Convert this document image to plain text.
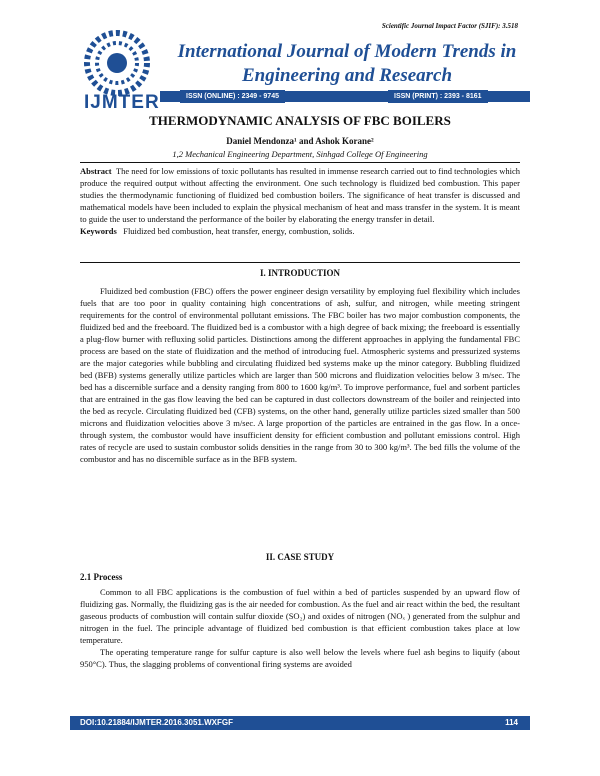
Scientific Journal Impact Factor (SJIF): 3.518
IJMTER
International Journal of Modern Trends in Engineering and Research
ISSN (ONLINE) : 2349 - 9745	ISSN (PRINT) : 2393 - 8161
THERMODYNAMIC ANALYSIS OF FBC BOILERS
Daniel Mendonza¹ and Ashok Korane²
1,2 Mechanical Engineering Department, Sinhgad College Of Engineering

Abstract The need for low emissions of toxic pollutants has resulted in immense research carried out to find technologies which produce the required output without affecting the environment. One such technology is fluidized bed combustion. This paper studies the thermodynamic functioning of fluidized bed combustion boilers. The significance of heat transfer is discussed and mathematical models have been included to explain the physical mechanism of heat and mass transfer in the system. It is meant to guide the user to understand the performance of the boiler by elaborating the energy transfer in detail.

Keywords Fluidized bed combustion, heat transfer, energy, combustion, solids.

I. INTRODUCTION

Fluidized bed combustion (FBC) offers the power engineer design versatility by employing fuel flexibility which includes fuels that are too poor in quality containing high concentrations of ash, sulfur, and nitrogen, while meeting stringent requirements for the control of environmental pollutant emissions. The FBC boiler has two major combustion components, the fluidized bed and the freeboard. The fluidized bed is a combustor with a high degree of back mixing; the freeboard is essentially a plug-flow burner with refluxing solid particles. Distinctions among the different approaches in applying the fundamental FBC process are based on the state of fluidization and the method of introducing fuel. Atmospheric systems and pressurized systems are the major categories while bubbling and circulating fluidized bed systems make up the minor category. Bubbling fluidized bed (BFB) systems generally utilize particles which are larger than 500 microns and fluidization velocities below 3 m/sec. The bed has a discernible surface and a density ranging from 800 to 1600 kg/m³. To improve performance, fuel and sorbent particles that are entrained in the gas flow leaving the bed can be captured in dust collectors downstream of the boiler and reinjected into the bed as recycle. Circulating fluidized bed (CFB) systems, on the other hand, generally utilize particles sized smaller than 500 microns and fluidization velocities above 3 m/sec. A large proportion of the particles are entrained in the gas flow. In a once-through system, the combustor would have insufficient density for efficient combustion and pollutant emissions control. High rates of recycle are used to sustain combustor solids densities in the range from 30 to 300 kg/m³. The bed fills the volume of the combustor and has no discernible surface as in the BFB system.

II. CASE STUDY
2.1 Process

Common to all FBC applications is the combustion of fuel within a bed of particles suspended by an upward flow of fluidizing gas. Normally, the fluidizing gas is the air needed for combustion. As the fuel and air react within the bed, the resultant gaseous products of combustion will contain sulfur dioxide (SO₂) and oxides of nitrogen (NOₓ ) generated from the sulphur and nitrogen in the fuel. The principle advantage of fluidized bed combustion is that efficient combustion takes place at low temperature.

The operating temperature range for sulfur capture is also well below the levels where fuel ash begins to liquify (about 950°C). Thus, the slagging problems of conventional firing systems are avoided

DOI:10.21884/IJMTER.2016.3051.WXFGF	114
